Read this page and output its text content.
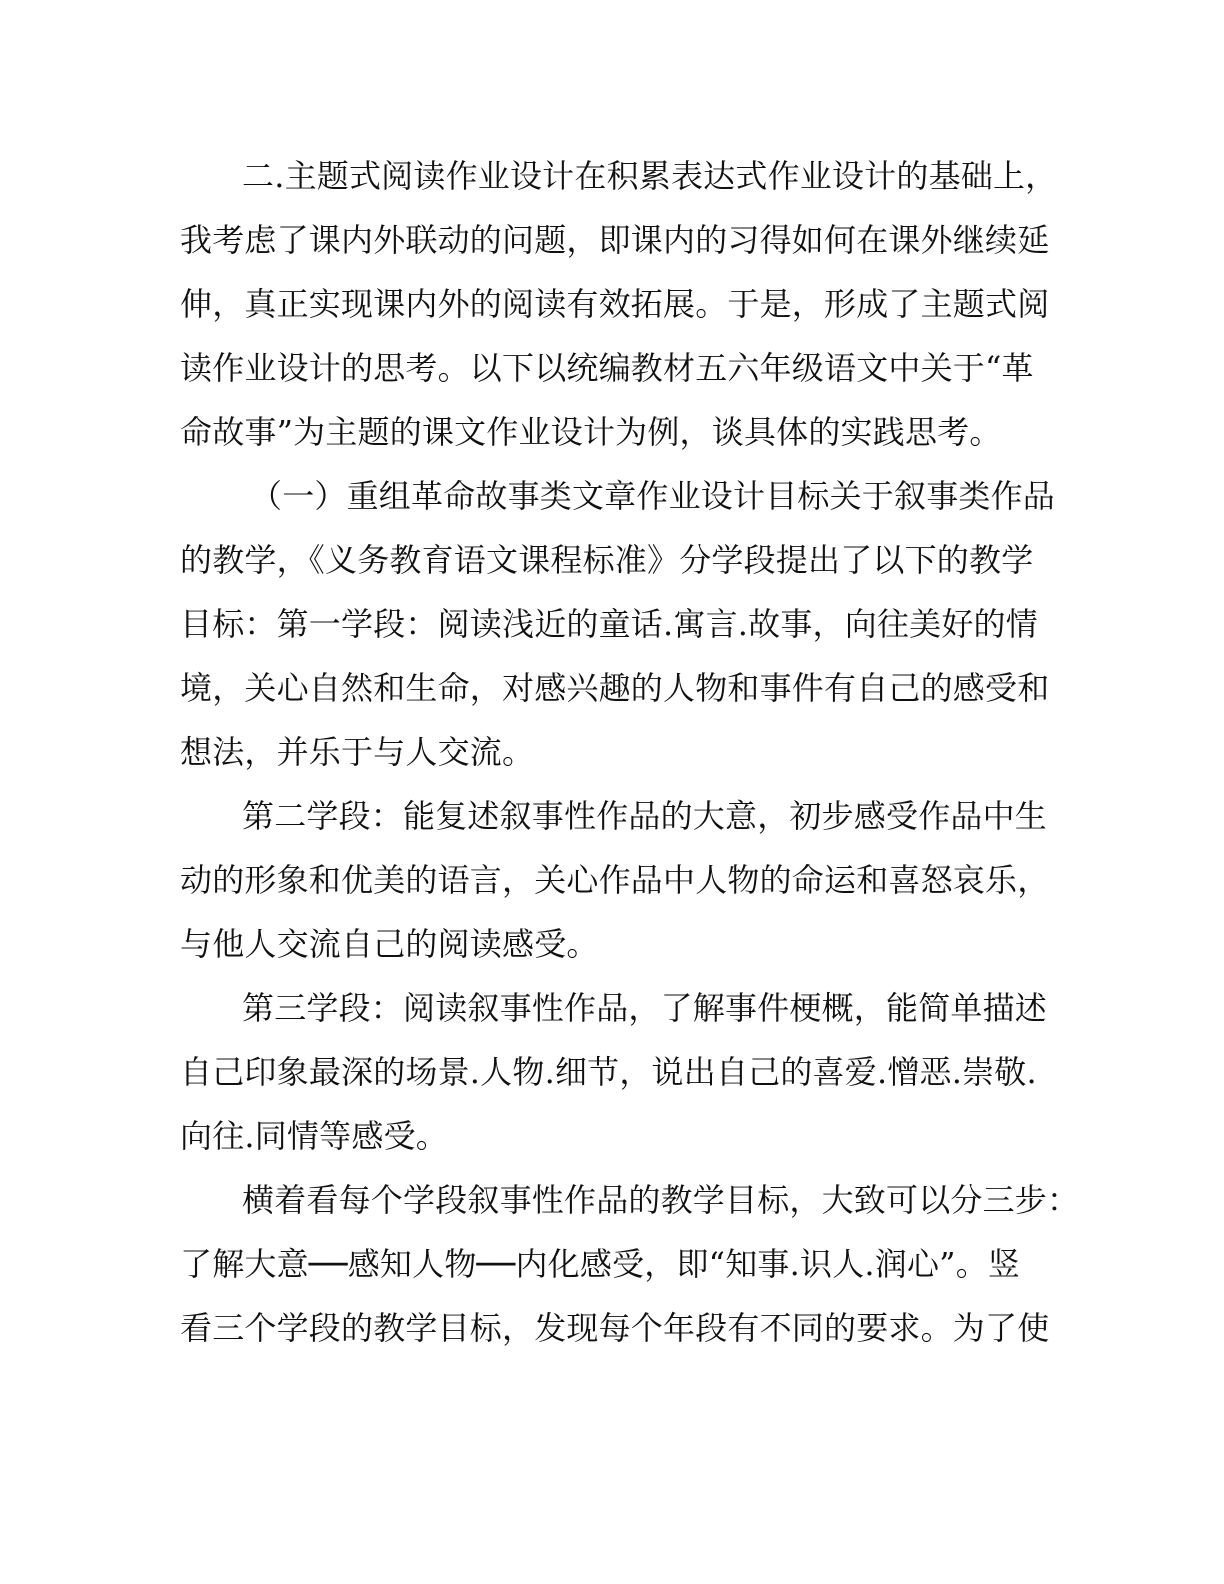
二.主题式阅读作业设计在积累表达式作业设计的基础上，
我考虑了课内外联动的问题，即课内的习得如何在课外继续延
伸，真正实现课内外的阅读有效拓展。于是，形成了主题式阅
读作业设计的思考。以下以统编教材五六年级语文中关于“革
命故事”为主题的课文作业设计为例，谈具体的实践思考。
（一）重组革命故事类文章作业设计目标关于叙事类作品
的教学，《义务教育语文课程标准》分学段提出了以下的教学
目标：第一学段：阅读浅近的童话.寓言.故事，向往美好的情
境，关心自然和生命，对感兴趣的人物和事件有自己的感受和
想法，并乐于与人交流。
第二学段：能复述叙事性作品的大意，初步感受作品中生
动的形象和优美的语言，关心作品中人物的命运和喜怒哀乐，
与他人交流自己的阅读感受。
第三学段：阅读叙事性作品，了解事件梗概，能简单描述
自己印象最深的场景.人物.细节，说出自己的喜爱.憎恶.崇敬.
向往.同情等感受。
横着看每个学段叙事性作品的教学目标，大致可以分三步：
了解大意──感知人物──内化感受，即“知事.识人.润心”。竖
看三个学段的教学目标，发现每个年段有不同的要求。为了使
